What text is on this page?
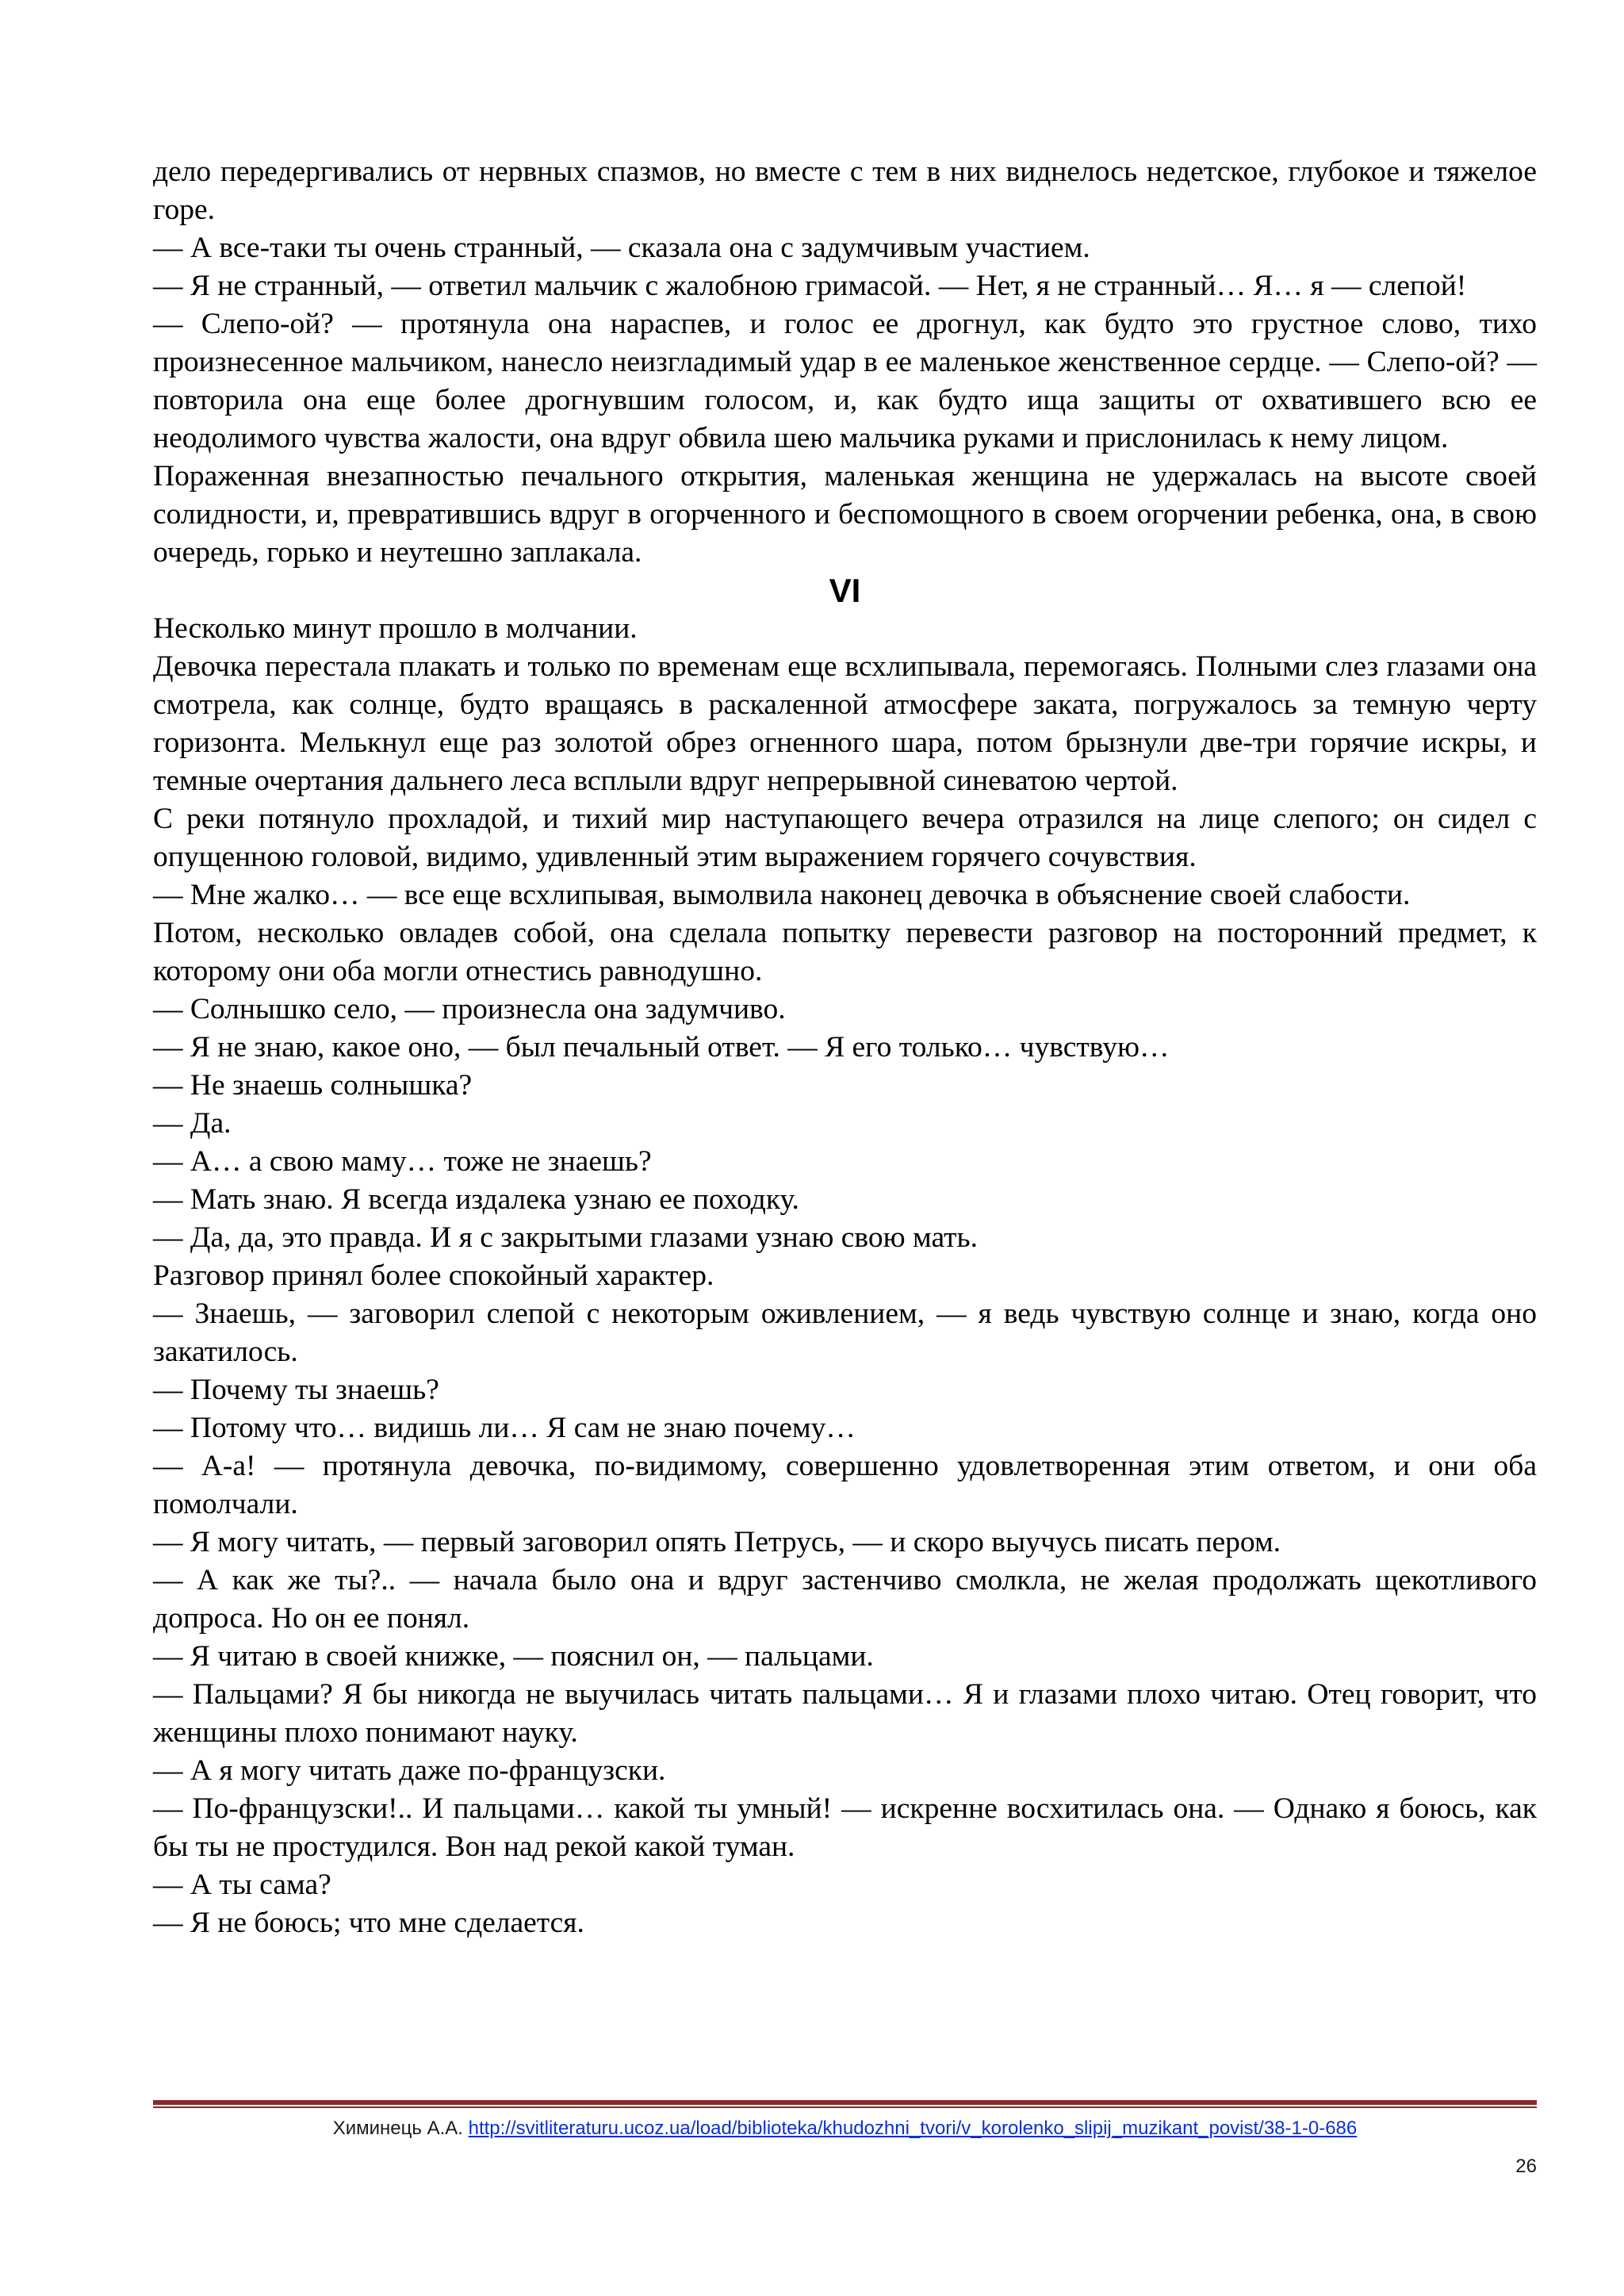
дело передергивались от нервных спазмов, но вместе с тем в них виднелось недетское, глубокое и тяжелое горе.

— А все-таки ты очень странный, — сказала она с задумчивым участием.

— Я не странный, — ответил мальчик с жалобною гримасой. — Нет, я не странный… Я… я — слепой!

— Слепо-ой? — протянула она нараспев, и голос ее дрогнул, как будто это грустное слово, тихо произнесенное мальчиком, нанесло неизгладимый удар в ее маленькое женственное сердце. — Слепо-ой? — повторила она еще более дрогнувшим голосом, и, как будто ища защиты от охватившего всю ее неодолимого чувства жалости, она вдруг обвила шею мальчика руками и прислонилась к нему лицом.

Пораженная внезапностью печального открытия, маленькая женщина не удержалась на высоте своей солидности, и, превратившись вдруг в огорченного и беспомощного в своем огорчении ребенка, она, в свою очередь, горько и неутешно заплакала.

VI

Несколько минут прошло в молчании.

Девочка перестала плакать и только по временам еще всхлипывала, перемогаясь. Полными слез глазами она смотрела, как солнце, будто вращаясь в раскаленной атмосфере заката, погружалось за темную черту горизонта. Мелькнул еще раз золотой обрез огненного шара, потом брызнули две-три горячие искры, и темные очертания дальнего леса всплыли вдруг непрерывной синеватою чертой.

С реки потянуло прохладой, и тихий мир наступающего вечера отразился на лице слепого; он сидел с опущенною головой, видимо, удивленный этим выражением горячего сочувствия.

— Мне жалко… — все еще всхлипывая, вымолвила наконец девочка в объяснение своей слабости.

Потом, несколько овладев собой, она сделала попытку перевести разговор на посторонний предмет, к которому они оба могли отнестись равнодушно.

— Солнышко село, — произнесла она задумчиво.

— Я не знаю, какое оно, — был печальный ответ. — Я его только… чувствую…

— Не знаешь солнышка?

— Да.

— А… а свою маму… тоже не знаешь?

— Мать знаю. Я всегда издалека узнаю ее походку.

— Да, да, это правда. И я с закрытыми глазами узнаю свою мать.

Разговор принял более спокойный характер.

— Знаешь, — заговорил слепой с некоторым оживлением, — я ведь чувствую солнце и знаю, когда оно закатилось.

— Почему ты знаешь?

— Потому что… видишь ли… Я сам не знаю почему…

— А-а! — протянула девочка, по-видимому, совершенно удовлетворенная этим ответом, и они оба помолчали.

— Я могу читать, — первый заговорил опять Петрусь, — и скоро выучусь писать пером.

— А как же ты?.. — начала было она и вдруг застенчиво смолкла, не желая продолжать щекотливого допроса. Но он ее понял.

— Я читаю в своей книжке, — пояснил он, — пальцами.

— Пальцами? Я бы никогда не выучилась читать пальцами… Я и глазами плохо читаю. Отец говорит, что женщины плохо понимают науку.

— А я могу читать даже по-французски.

— По-французски!.. И пальцами… какой ты умный! — искренне восхитилась она. — Однако я боюсь, как бы ты не простудился. Вон над рекой какой туман.

— А ты сама?

— Я не боюсь; что мне сделается.

Химинець А.А. http://svitliteraturu.ucoz.ua/load/biblioteka/khudozhni_tvori/v_korolenko_slipij_muzikant_povist/38-1-0-686
26
